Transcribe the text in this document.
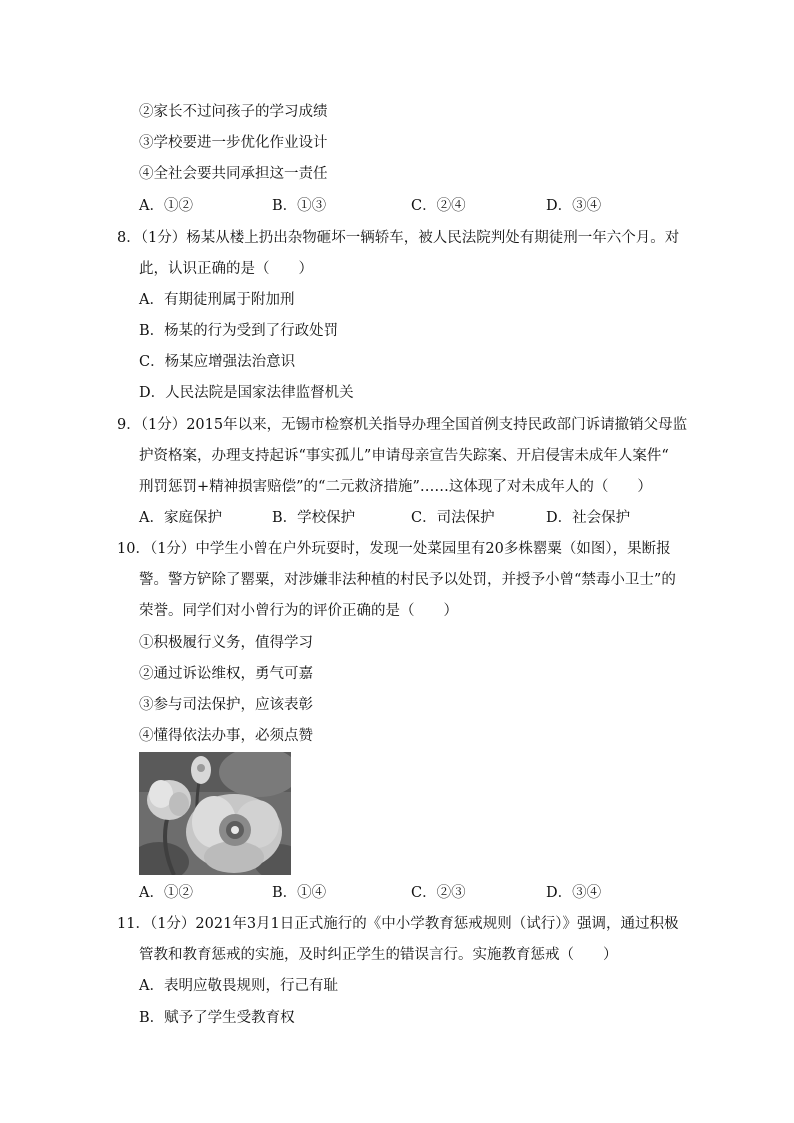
②家长不过问孩子的学习成绩
③学校要进一步优化作业设计
④全社会要共同承担这一责任
A．①②	B．①③	C．②④	D．③④
8．（1分）杨某从楼上扔出杂物砸坏一辆轿车，被人民法院判处有期徒刑一年六个月。对
此，认识正确的是（　　）
A．有期徒刑属于附加刑
B．杨某的行为受到了行政处罚
C．杨某应增强法治意识
D．人民法院是国家法律监督机关
9．（1分）2015年以来，无锡市检察机关指导办理全国首例支持民政部门诉请撤销父母监
护资格案，办理支持起诉“事实孤儿”申请母亲宣告失踪案、开启侵害未成年人案件“
刑罚惩罚+精神损害赔偿”的“二元救济措施”……这体现了对未成年人的（　　）
A．家庭保护	B．学校保护	C．司法保护	D．社会保护
10．（1分）中学生小曾在户外玩耍时，发现一处菜园里有20多株罂粟（如图），果断报
警。警方铲除了罂粟，对涉嫌非法种植的村民予以处罚，并授予小曾“禁毒小卫士”的
荣誉。同学们对小曾行为的评价正确的是（　　）
①积极履行义务，值得学习
②通过诉讼维权，勇气可嘉
③参与司法保护，应该表彰
④懂得依法办事，必须点赞
A．①②	B．①④	C．②③	D．③④
11．（1分）2021年3月1日正式施行的《中小学教育惩戒规则（试行）》强调，通过积极
管教和教育惩戒的实施，及时纠正学生的错误言行。实施教育惩戒（　　）
A．表明应敬畏规则，行己有耻
B．赋予了学生受教育权
